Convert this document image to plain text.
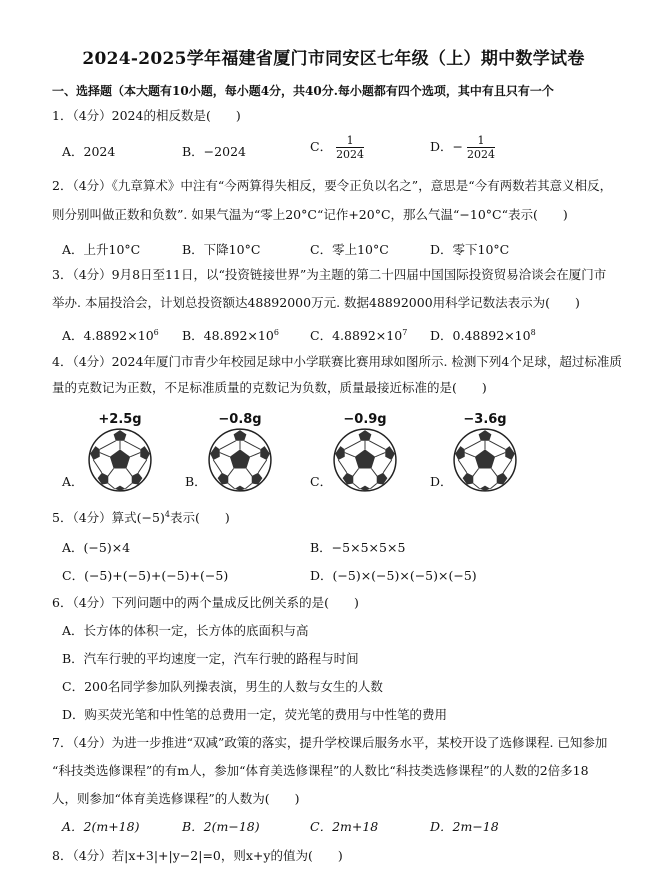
2024-2025学年福建省厦门市同安区七年级（上）期中数学试卷
一、选择题（本大题有10小题，每小题4分，共40分.每小题都有四个选项，其中有且只有一个
1．（4分）2024的相反数是(　　)
A．2024	B．−2024	C． $\frac{1}{2024}$	D．− $\frac{1}{2024}$
2．（4分）《九章算术》中注有“今两算得失相反，要令正负以名之”，意思是“今有两数若其意义相反，
则分别叫做正数和负数”. 如果气温为“零上20°C“记作+20°C，那么气温“−10°C“表示(　　)
A．上升10°C	B．下降10°C	C．零上10°C	D．零下10°C
3．（4分）9月8日至11日，以“投资链接世界”为主题的第二十四届中国国际投资贸易洽谈会在厦门市
举办. 本届投洽会，计划总投资额达48892000万元. 数据48892000用科学记数法表示为(　　)
A．$4.8892\times 10^6$ B．$48.892\times 10^6$ C．$4.8892\times 10^7$ D．$0.48892\times 10^8$
4．（4分）2024年厦门市青少年校园足球中小学联赛比赛用球如图所示. 检测下列4个足球，超过标准质
量的克数记为正数，不足标准质量的克数记为负数，质量最接近标准的是(　　)
+2.5g	−0.8g	−0.9g	−3.6g
A．	B．	C．	D．
5．（4分）算式$(-5)^4$表示(　　)
A．(−5)×4	B．−5×5×5×5
C．(−5)+(−5)+(−5)+(−5)	D．(−5)×(−5)×(−5)×(−5)
6．（4分）下列问题中的两个量成反比例关系的是(　　)
A．长方体的体积一定，长方体的底面积与高
B．汽车行驶的平均速度一定，汽车行驶的路程与时间
C．200名同学参加队列操表演，男生的人数与女生的人数
D．购买荧光笔和中性笔的总费用一定，荧光笔的费用与中性笔的费用
7．（4分）为进一步推进“双减”政策的落实，提升学校课后服务水平，某校开设了选修课程. 已知参加
“科技类选修课程”的有m人，参加“体育美选修课程”的人数比“科技类选修课程”的人数的2倍多18
人，则参加“体育美选修课程”的人数为(　　)
A．2(m+18)	B．2(m−18)	C．2m+18	D．2m−18
8．（4分）若|x+3|+|y−2|=0，则x+y的值为(　　)
